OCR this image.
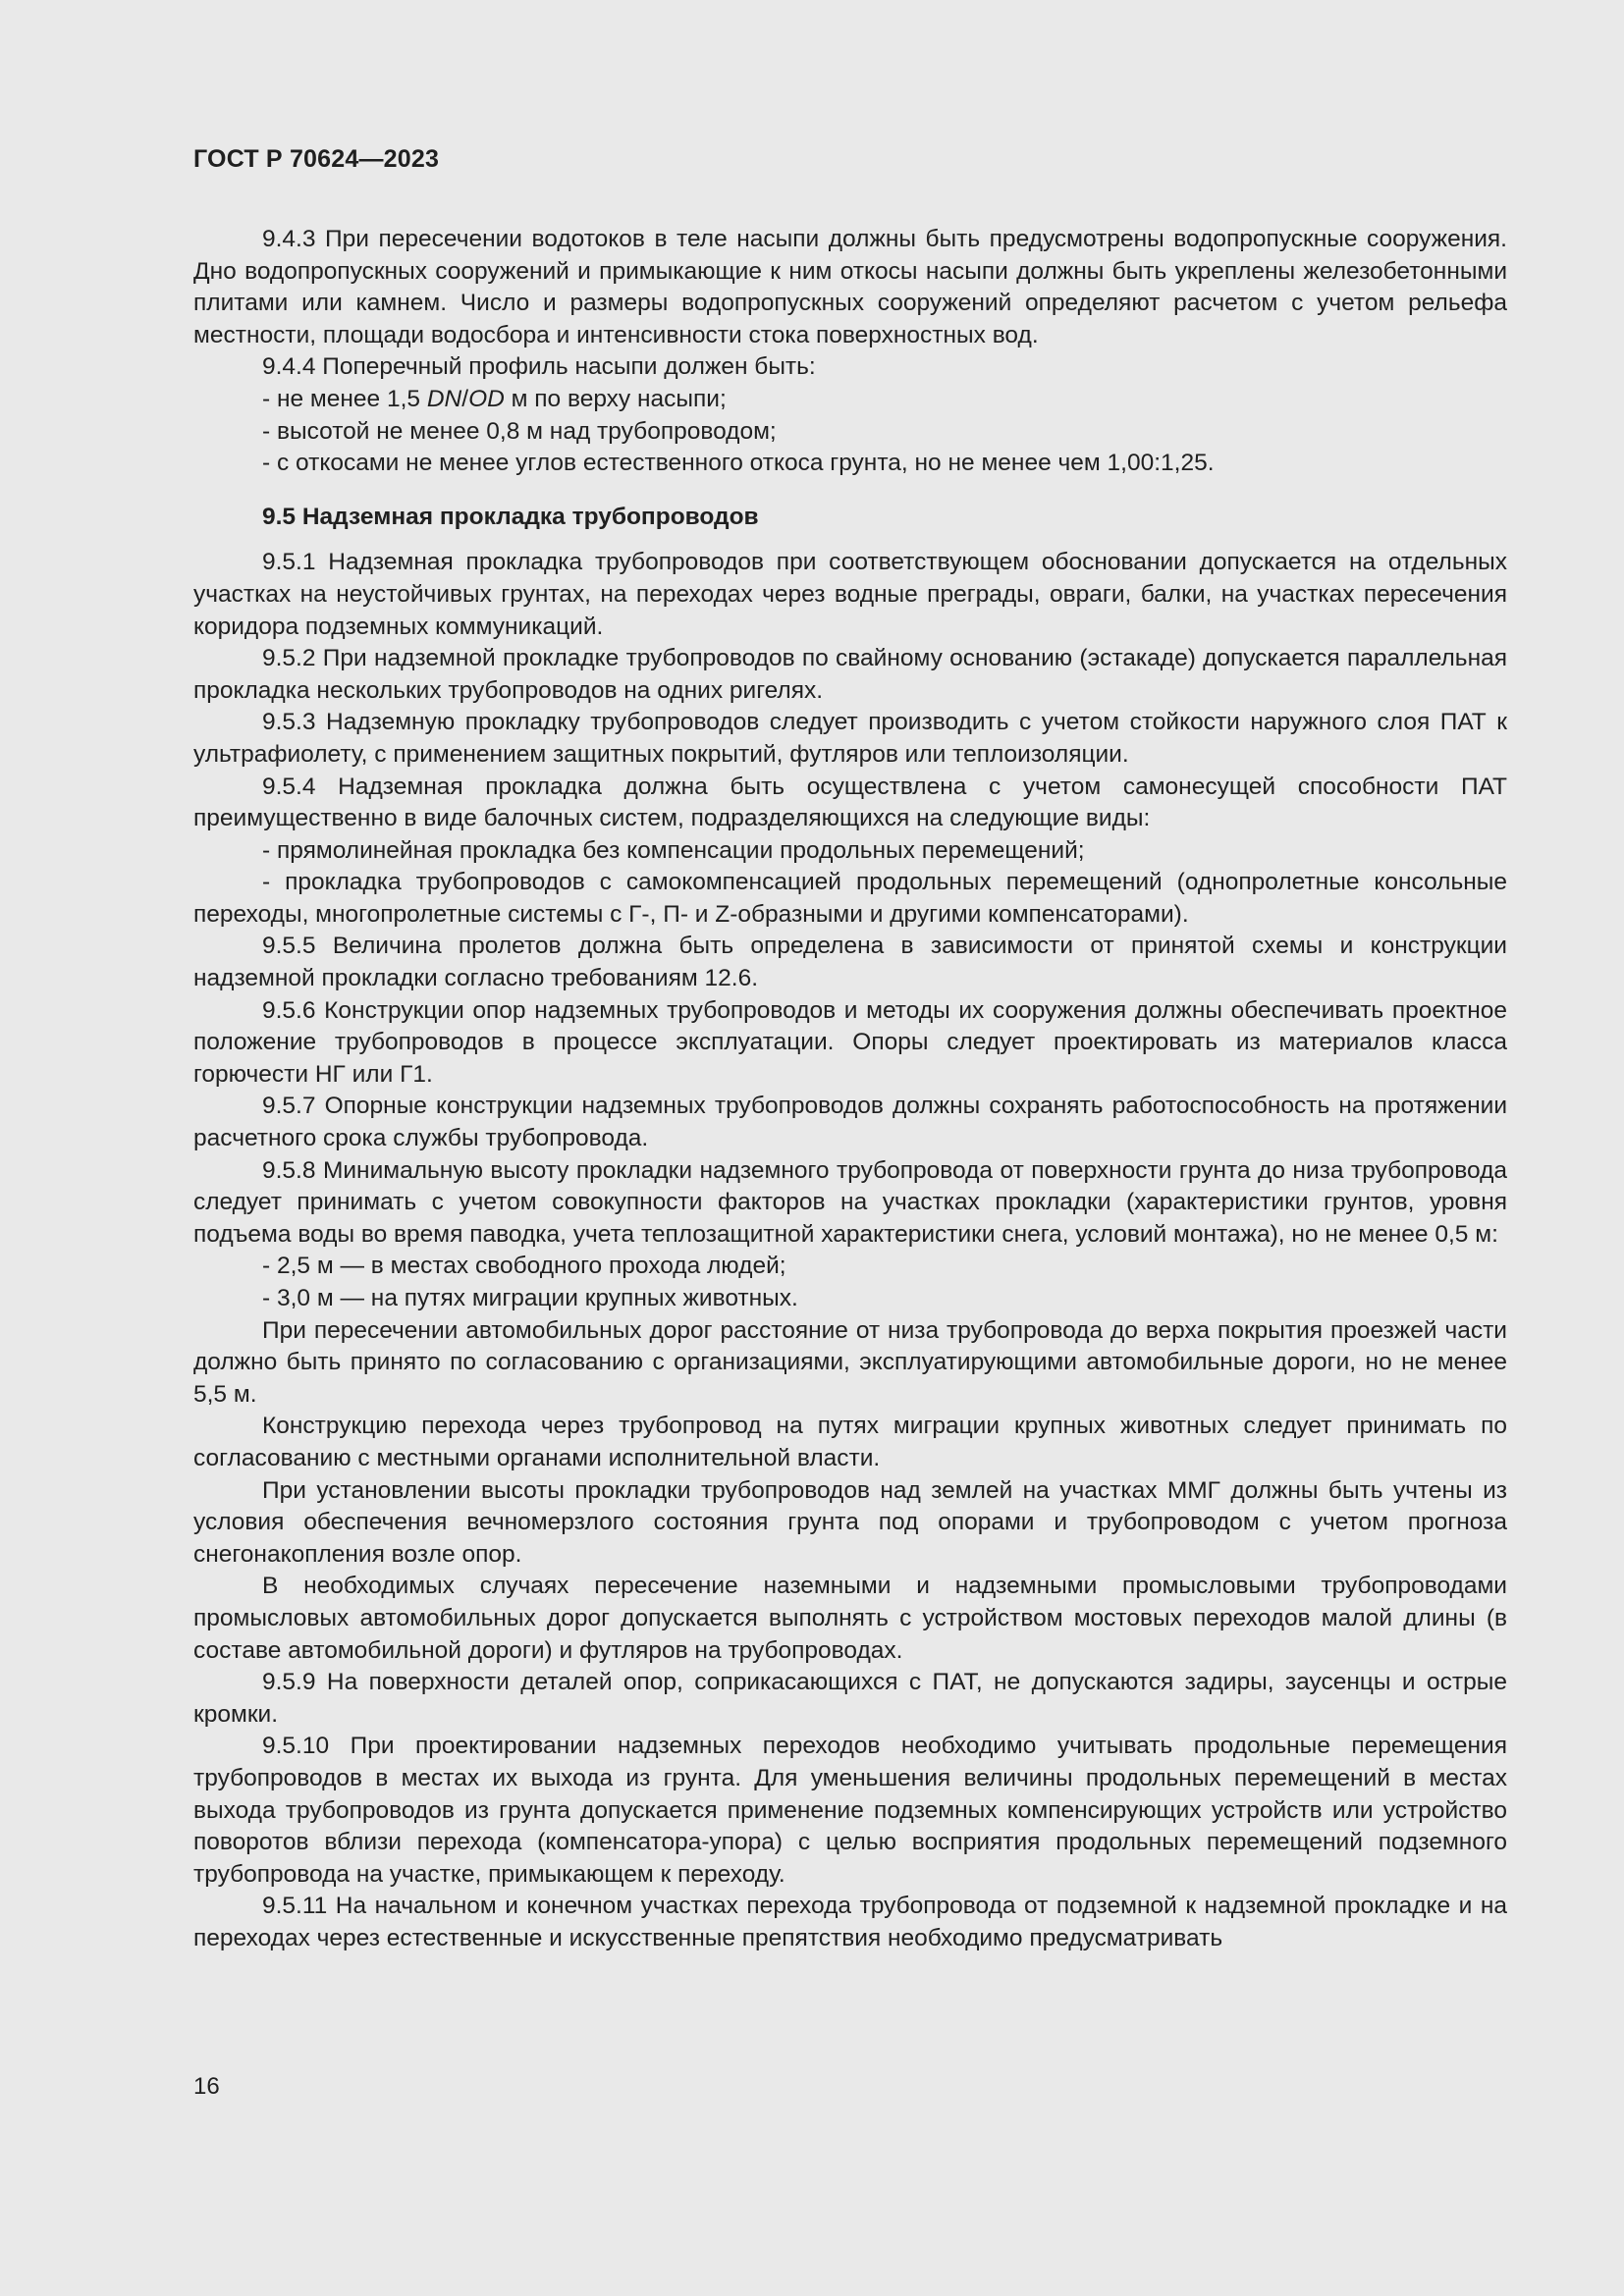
ГОСТ Р 70624—2023

9.4.3 При пересечении водотоков в теле насыпи должны быть предусмотрены водопропускные сооружения. Дно водопропускных сооружений и примыкающие к ним откосы насыпи должны быть укреплены железобетонными плитами или камнем. Число и размеры водопропускных сооружений определяют расчетом с учетом рельефа местности, площади водосбора и интенсивности стока поверхностных вод.

9.4.4 Поперечный профиль насыпи должен быть:

- не менее 1,5 DN/OD м по верху насыпи;

- высотой не менее 0,8 м над трубопроводом;

- с откосами не менее углов естественного откоса грунта, но не менее чем 1,00:1,25.

9.5 Надземная прокладка трубопроводов

9.5.1 Надземная прокладка трубопроводов при соответствующем обосновании допускается на отдельных участках на неустойчивых грунтах, на переходах через водные преграды, овраги, балки, на участках пересечения коридора подземных коммуникаций.

9.5.2 При надземной прокладке трубопроводов по свайному основанию (эстакаде) допускается параллельная прокладка нескольких трубопроводов на одних ригелях.

9.5.3 Надземную прокладку трубопроводов следует производить с учетом стойкости наружного слоя ПАТ к ультрафиолету, с применением защитных покрытий, футляров или теплоизоляции.

9.5.4 Надземная прокладка должна быть осуществлена с учетом самонесущей способности ПАТ преимущественно в виде балочных систем, подразделяющихся на следующие виды:

- прямолинейная прокладка без компенсации продольных перемещений;

- прокладка трубопроводов с самокомпенсацией продольных перемещений (однопролетные консольные переходы, многопролетные системы с Г-, П- и Z-образными и другими компенсаторами).

9.5.5 Величина пролетов должна быть определена в зависимости от принятой схемы и конструкции надземной прокладки согласно требованиям 12.6.

9.5.6 Конструкции опор надземных трубопроводов и методы их сооружения должны обеспечивать проектное положение трубопроводов в процессе эксплуатации. Опоры следует проектировать из материалов класса горючести НГ или Г1.

9.5.7 Опорные конструкции надземных трубопроводов должны сохранять работоспособность на протяжении расчетного срока службы трубопровода.

9.5.8 Минимальную высоту прокладки надземного трубопровода от поверхности грунта до низа трубопровода следует принимать с учетом совокупности факторов на участках прокладки (характеристики грунтов, уровня подъема воды во время паводка, учета теплозащитной характеристики снега, условий монтажа), но не менее 0,5 м:

- 2,5 м — в местах свободного прохода людей;

- 3,0 м — на путях миграции крупных животных.

При пересечении автомобильных дорог расстояние от низа трубопровода до верха покрытия проезжей части должно быть принято по согласованию с организациями, эксплуатирующими автомобильные дороги, но не менее 5,5 м.

Конструкцию перехода через трубопровод на путях миграции крупных животных следует принимать по согласованию с местными органами исполнительной власти.

При установлении высоты прокладки трубопроводов над землей на участках ММГ должны быть учтены из условия обеспечения вечномерзлого состояния грунта под опорами и трубопроводом с учетом прогноза снегонакопления возле опор.

В необходимых случаях пересечение наземными и надземными промысловыми трубопроводами промысловых автомобильных дорог допускается выполнять с устройством мостовых переходов малой длины (в составе автомобильной дороги) и футляров на трубопроводах.

9.5.9 На поверхности деталей опор, соприкасающихся с ПАТ, не допускаются задиры, заусенцы и острые кромки.

9.5.10 При проектировании надземных переходов необходимо учитывать продольные перемещения трубопроводов в местах их выхода из грунта. Для уменьшения величины продольных перемещений в местах выхода трубопроводов из грунта допускается применение подземных компенсирующих устройств или устройство поворотов вблизи перехода (компенсатора-упора) с целью восприятия продольных перемещений подземного трубопровода на участке, примыкающем к переходу.

9.5.11 На начальном и конечном участках перехода трубопровода от подземной к надземной прокладке и на переходах через естественные и искусственные препятствия необходимо предусматривать

16
